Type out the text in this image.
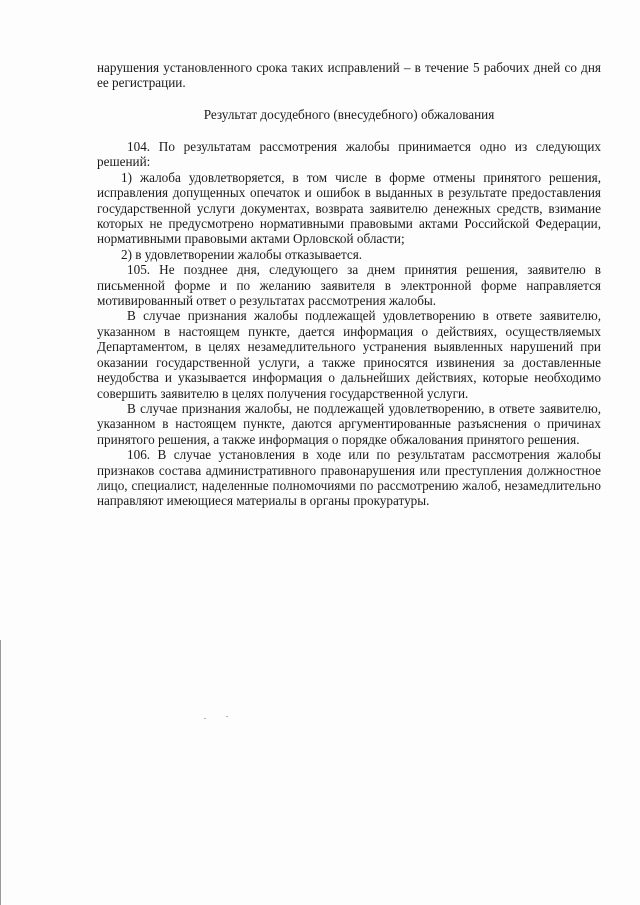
нарушения установленного срока таких исправлений – в течение 5 рабочих дней со дня ее регистрации.
Результат досудебного (внесудебного) обжалования

104. По результатам рассмотрения жалобы принимается одно из следующих решений:

1) жалоба удовлетворяется, в том числе в форме отмены принятого решения, исправления допущенных опечаток и ошибок в выданных в результате предоставления государственной услуги документах, возврата заявителю денежных средств, взимание которых не предусмотрено нормативными правовыми актами Российской Федерации, нормативными правовыми актами Орловской области;

2) в удовлетворении жалобы отказывается.

105. Не позднее дня, следующего за днем принятия решения, заявителю в письменной форме и по желанию заявителя в электронной форме направляется мотивированный ответ о результатах рассмотрения жалобы.

В случае признания жалобы подлежащей удовлетворению в ответе заявителю, указанном в настоящем пункте, дается информация о действиях, осуществляемых Департаментом, в целях незамедлительного устранения выявленных нарушений при оказании государственной услуги, а также приносятся извинения за доставленные неудобства и указывается информация о дальнейших действиях, которые необходимо совершить заявителю в целях получения государственной услуги.

В случае признания жалобы, не подлежащей удовлетворению, в ответе заявителю, указанном в настоящем пункте, даются аргументированные разъяснения о причинах принятого решения, а также информация о порядке обжалования принятого решения.

106. В случае установления в ходе или по результатам рассмотрения жалобы признаков состава административного правонарушения или преступления должностное лицо, специалист, наделенные полномочиями по рассмотрению жалоб, незамедлительно направляют имеющиеся материалы в органы прокуратуры.
